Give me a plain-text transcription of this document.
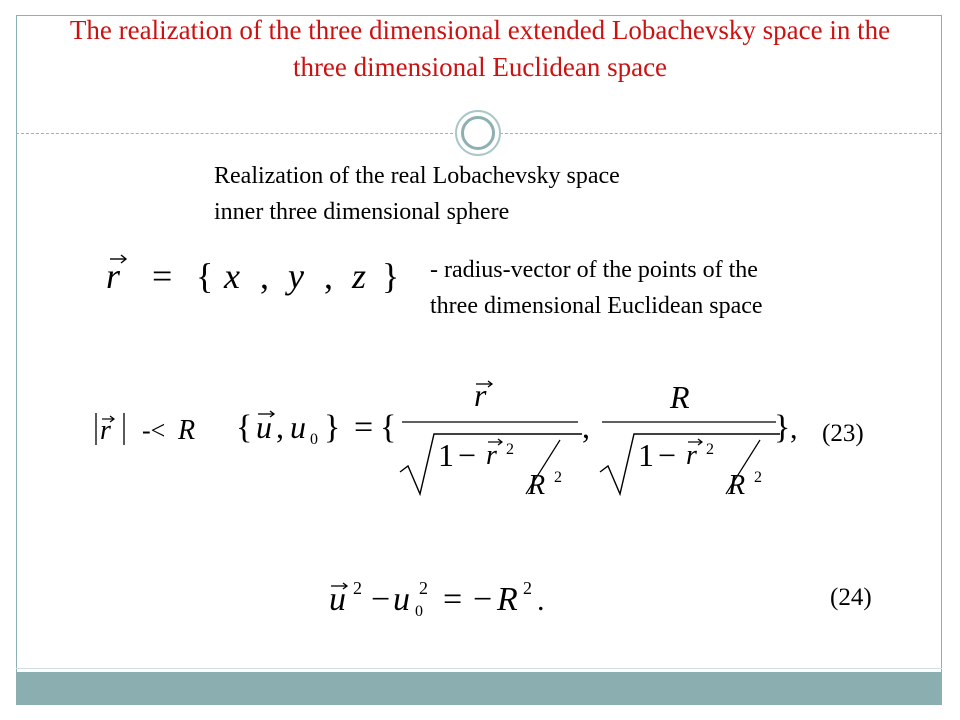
The realization of the three dimensional extended Lobachevsky space in the three dimensional Euclidean space
Realization of the real Lobachevsky space
inner three dimensional sphere
r = { x , y , z } - radius-vector of the points of the
three dimensional Euclidean space
r -< R { u , u 0 } = {
r
1 − r 2
R 2
,
R
1 − r 2
R 2
} , (23)
u 2 − u 0
2 = − R 2 .	(24)
